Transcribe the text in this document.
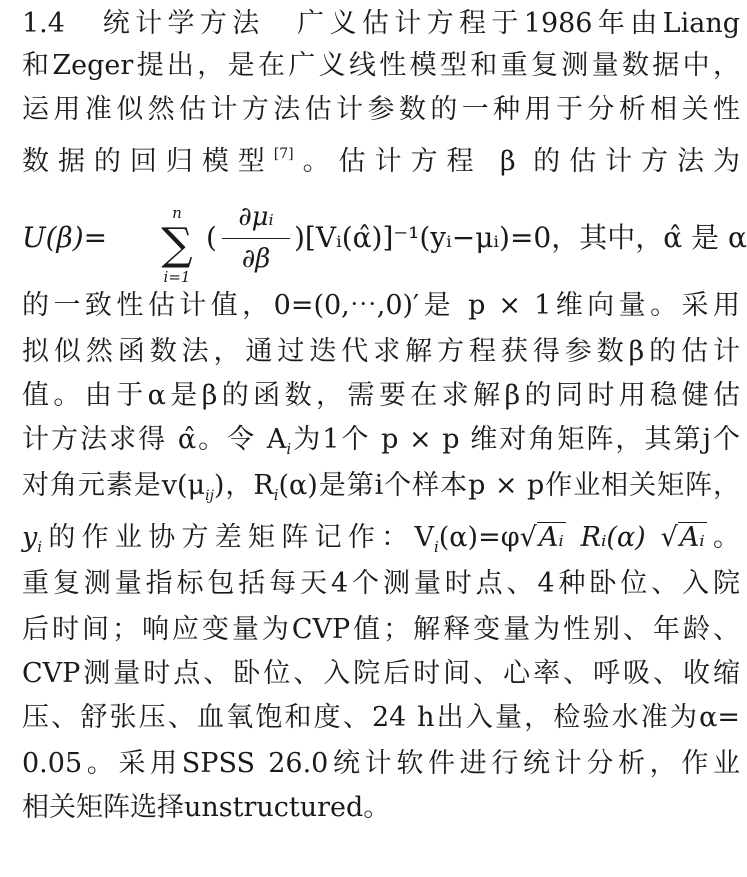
1.4　统计学方法　广义估计方程于1986年由Liang
和Zeger提出，是在广义线性模型和重复测量数据中，
运用准似然估计方法估计参数的一种用于分析相关性
数据的回归模型[7]。估计方程 β 的估计方法为
U(β)=
n
∑
i=1
( $\frac{\text{∂μᵢ}}{\partial\beta}$ )[Vᵢ(α̂)]⁻¹(yᵢ−μᵢ)=0，其中，α̂ 是 α
的一致性估计值，0=(0,⋯,0)′是 p × 1维向量。采用
拟似然函数法，通过迭代求解方程获得参数β的估计
值。由于α是β的函数，需要在求解β的同时用稳健估
计方法求得 α̂。令 $A_i$为1个 p × p 维对角矩阵，其第j个
对角元素是$v(\mu_{ij})$，$R_i(\alpha)$是第i个样本p × p作业相关矩阵，
$y_i$的作业协方差矩阵记作：$V_i(\alpha)=\varphi√Aᵢ$ Rᵢ(α) √Aᵢ。
重复测量指标包括每天4个测量时点、4种卧位、入院
后时间；响应变量为CVP值；解释变量为性别、年龄、
CVP测量时点、卧位、入院后时间、心率、呼吸、收缩
压、舒张压、血氧饱和度、24 h出入量，检验水准为α=
0.05。采用SPSS 26.0统计软件进行统计分析，作业
相关矩阵选择unstructured。
